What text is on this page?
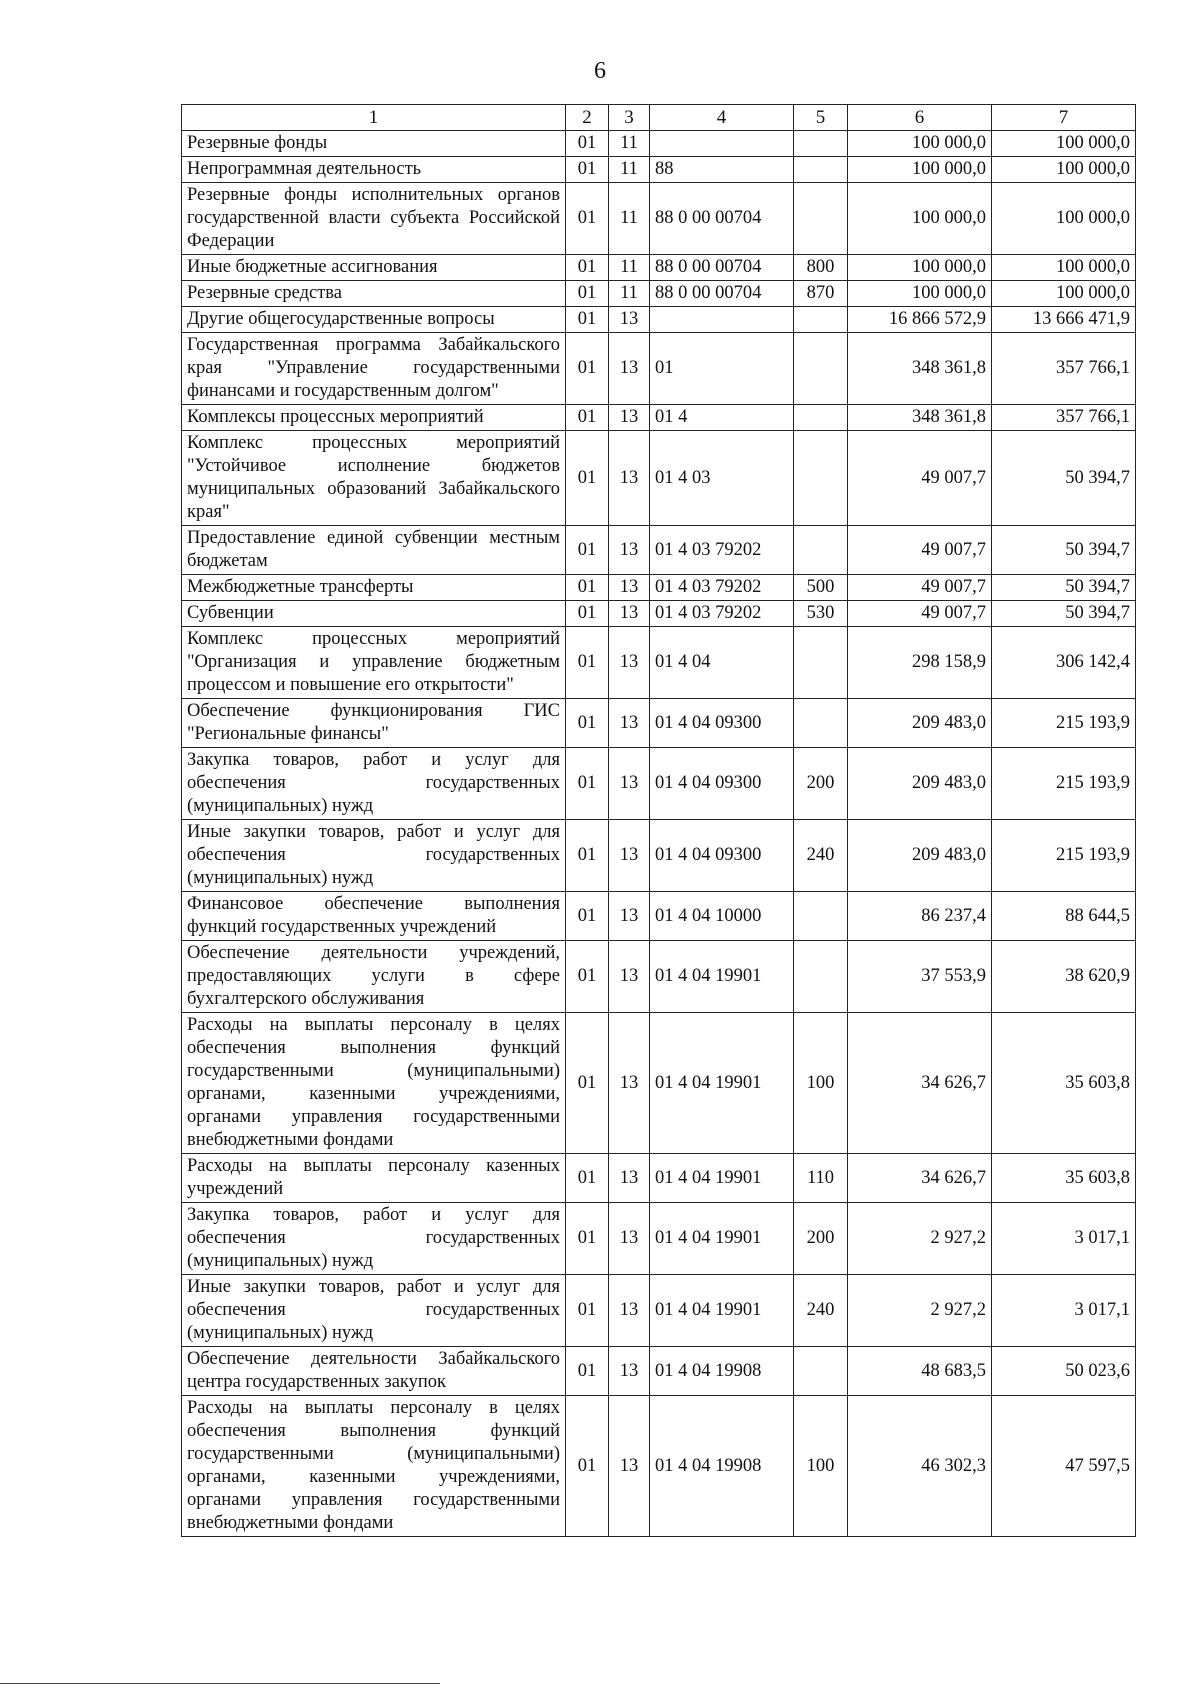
6
1	2	3	4	5	6	7
Резервные фонды	01	11			100 000,0	100 000,0
Непрограммная деятельность	01	11	88		100 000,0	100 000,0
Резервные фонды исполнительных органов государственной власти субъекта Российской Федерации	01	11	88 0 00 00704		100 000,0	100 000,0
Иные бюджетные ассигнования	01	11	88 0 00 00704	800	100 000,0	100 000,0
Резервные средства	01	11	88 0 00 00704	870	100 000,0	100 000,0
Другие общегосударственные вопросы	01	13			16 866 572,9	13 666 471,9
Государственная программа Забайкальского края "Управление государственными финансами и государственным долгом"	01	13	01		348 361,8	357 766,1
Комплексы процессных мероприятий	01	13	01 4		348 361,8	357 766,1
Комплекс процессных мероприятий "Устойчивое исполнение бюджетов муниципальных образований Забайкальского края"	01	13	01 4 03		49 007,7	50 394,7
Предоставление единой субвенции местным бюджетам	01	13	01 4 03 79202		49 007,7	50 394,7
Межбюджетные трансферты	01	13	01 4 03 79202	500	49 007,7	50 394,7
Субвенции	01	13	01 4 03 79202	530	49 007,7	50 394,7
Комплекс процессных мероприятий "Организация и управление бюджетным процессом и повышение его открытости"	01	13	01 4 04		298 158,9	306 142,4
Обеспечение функционирования ГИС "Региональные финансы"	01	13	01 4 04 09300		209 483,0	215 193,9
Закупка товаров, работ и услуг для обеспечения государственных (муниципальных) нужд	01	13	01 4 04 09300	200	209 483,0	215 193,9
Иные закупки товаров, работ и услуг для обеспечения государственных (муниципальных) нужд	01	13	01 4 04 09300	240	209 483,0	215 193,9
Финансовое обеспечение выполнения функций государственных учреждений	01	13	01 4 04 10000		86 237,4	88 644,5
Обеспечение деятельности учреждений, предоставляющих услуги в сфере бухгалтерского обслуживания	01	13	01 4 04 19901		37 553,9	38 620,9
Расходы на выплаты персоналу в целях обеспечения выполнения функций государственными (муниципальными) органами, казенными учреждениями, органами управления государственными внебюджетными фондами	01	13	01 4 04 19901	100	34 626,7	35 603,8
Расходы на выплаты персоналу казенных учреждений	01	13	01 4 04 19901	110	34 626,7	35 603,8
Закупка товаров, работ и услуг для обеспечения государственных (муниципальных) нужд	01	13	01 4 04 19901	200	2 927,2	3 017,1
Иные закупки товаров, работ и услуг для обеспечения государственных (муниципальных) нужд	01	13	01 4 04 19901	240	2 927,2	3 017,1
Обеспечение деятельности Забайкальского центра государственных закупок	01	13	01 4 04 19908		48 683,5	50 023,6
Расходы на выплаты персоналу в целях обеспечения выполнения функций государственными (муниципальными) органами, казенными учреждениями, органами управления государственными внебюджетными фондами	01	13	01 4 04 19908	100	46 302,3	47 597,5
